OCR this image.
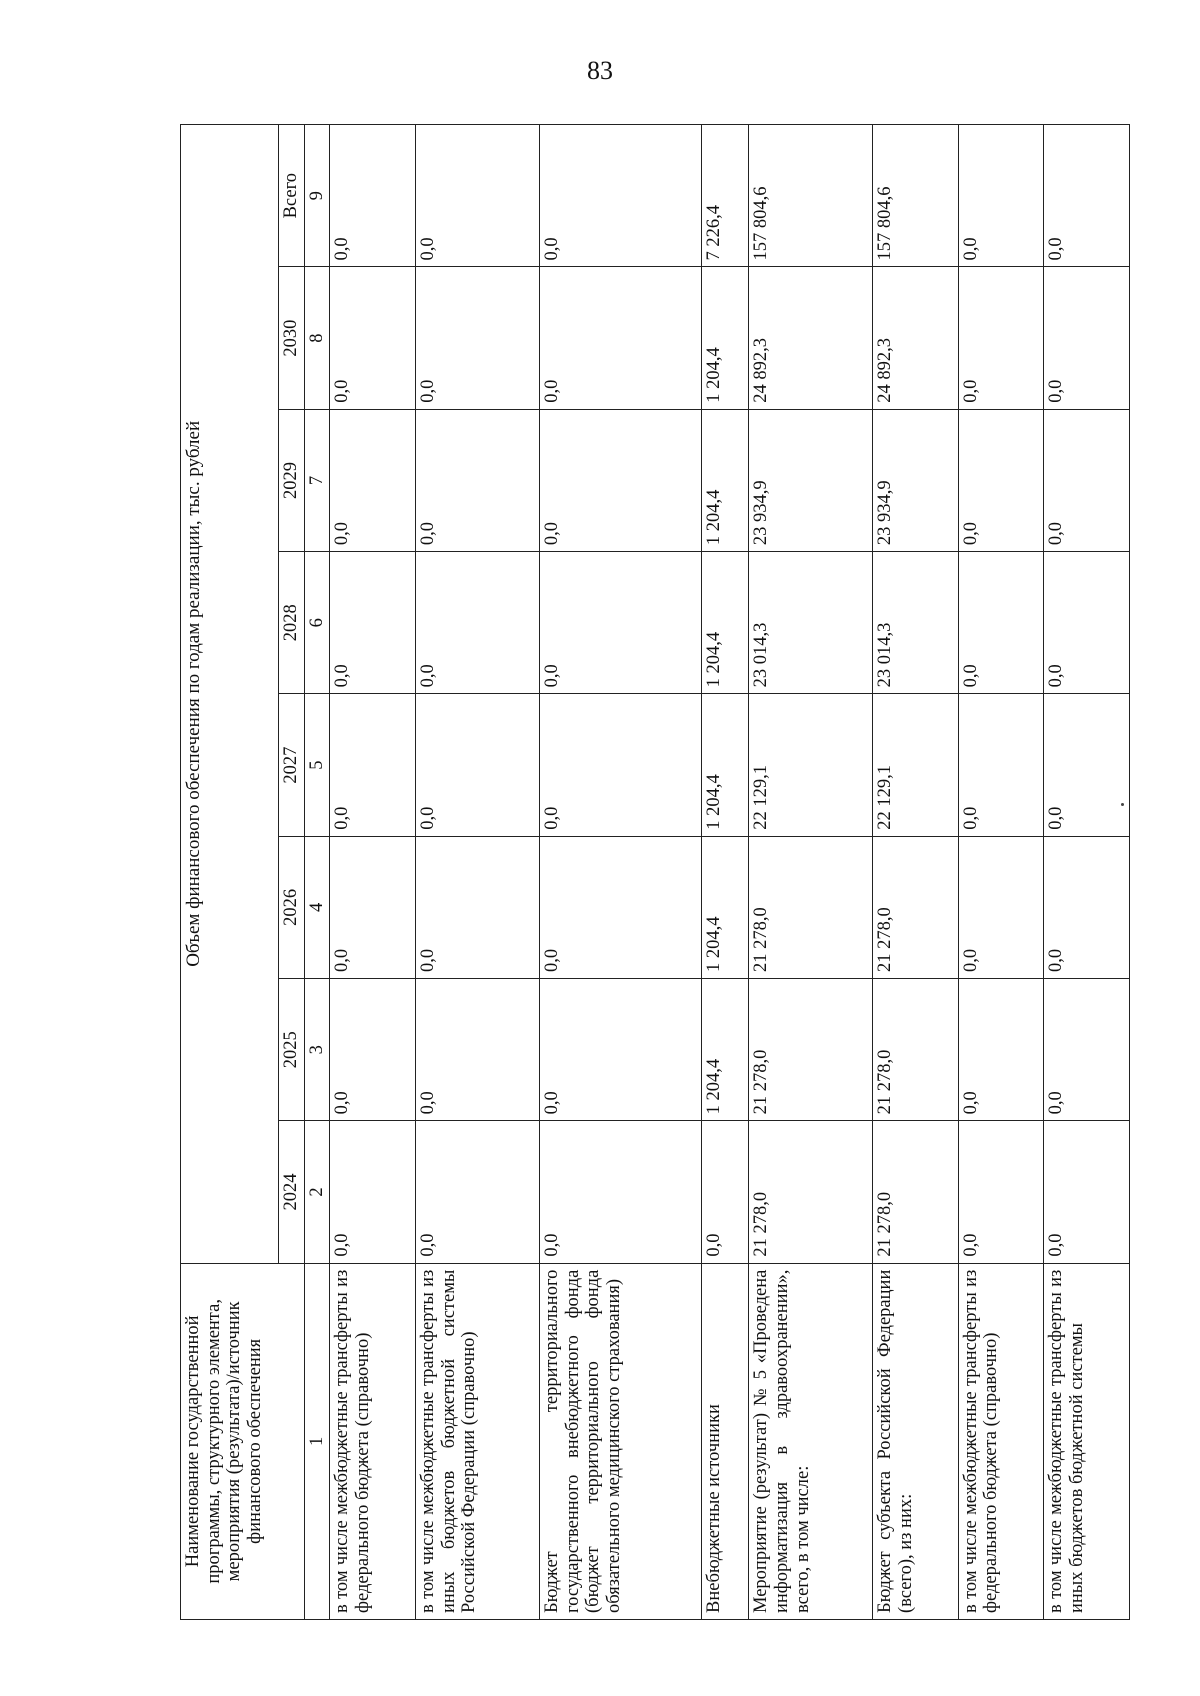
83
Наименование государственной программы, структурного элемента, мероприятия (результата)/источник финансового обеспечения	Объем финансового обеспечения по годам реализации, тыс. рублей							
	2024	2025	2026	2027	2028	2029	2030	Всего
1	2	3	4	5	6	7	8	9
в том числе межбюджетные трансферты из федерального бюджета (справочно)	0,0	0,0	0,0	0,0	0,0	0,0	0,0	0,0
в том числе межбюджетные трансферты из иных бюджетов бюджетной системы Российской Федерации (справочно)	0,0	0,0	0,0	0,0	0,0	0,0	0,0	0,0
Бюджет территориального государственного внебюджетного фонда (бюджет территориального фонда обязательного медицинского страхования)	0,0	0,0	0,0	0,0	0,0	0,0	0,0	0,0
Внебюджетные источники	0,0	1 204,4	1 204,4	1 204,4	1 204,4	1 204,4	1 204,4	7 226,4
Мероприятие (результат) № 5 «Проведена информатизация в здравоохранении», всего, в том числе:	21 278,0	21 278,0	21 278,0	22 129,1	23 014,3	23 934,9	24 892,3	157 804,6
Бюджет субъекта Российской Федерации (всего), из них:	21 278,0	21 278,0	21 278,0	22 129,1	23 014,3	23 934,9	24 892,3	157 804,6
в том числе межбюджетные трансферты из федерального бюджета (справочно)	0,0	0,0	0,0	0,0	0,0	0,0	0,0	0,0
в том числе межбюджетные трансферты из иных бюджетов бюджетной системы	0,0	0,0	0,0	0,0	0,0	0,0	0,0	0,0
